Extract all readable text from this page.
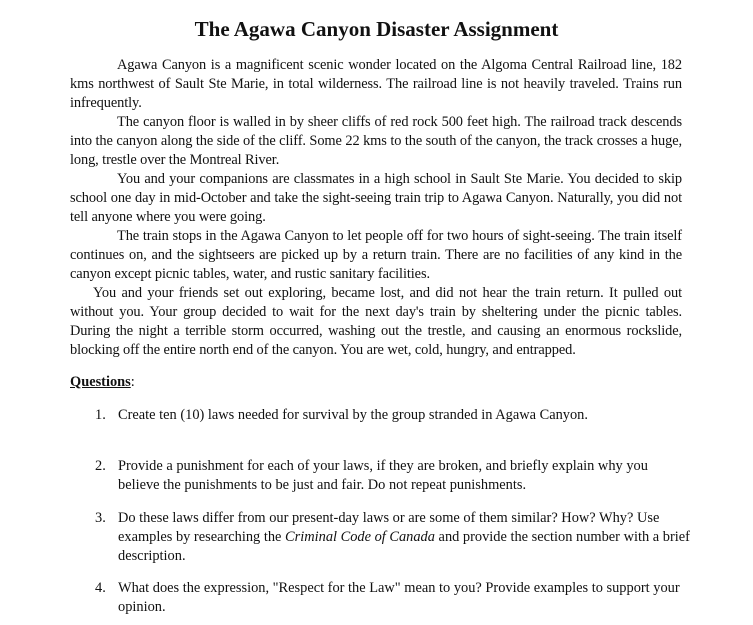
The Agawa Canyon Disaster Assignment

Agawa Canyon is a magnificent scenic wonder located on the Algoma Central Railroad line, 182 kms northwest of Sault Ste Marie, in total wilderness. The railroad line is not heavily traveled. Trains run infrequently.

The canyon floor is walled in by sheer cliffs of red rock 500 feet high. The railroad track descends into the canyon along the side of the cliff. Some 22 kms to the south of the canyon, the track crosses a huge, long, trestle over the Montreal River.

You and your companions are classmates in a high school in Sault Ste Marie. You decided to skip school one day in mid-October and take the sight-seeing train trip to Agawa Canyon. Naturally, you did not tell anyone where you were going.

The train stops in the Agawa Canyon to let people off for two hours of sight-seeing. The train itself continues on, and the sightseers are picked up by a return train. There are no facilities of any kind in the canyon except picnic tables, water, and rustic sanitary facilities.

You and your friends set out exploring, became lost, and did not hear the train return. It pulled out without you. Your group decided to wait for the next day's train by sheltering under the picnic tables. During the night a terrible storm occurred, washing out the trestle, and causing an enormous rockslide, blocking off the entire north end of the canyon. You are wet, cold, hungry, and entrapped.

Questions:
1. Create ten (10) laws needed for survival by the group stranded in Agawa Canyon.
2. Provide a punishment for each of your laws, if they are broken, and briefly explain why you believe the punishments to be just and fair. Do not repeat punishments.
3. Do these laws differ from our present-day laws or are some of them similar? How? Why? Use examples by researching the Criminal Code of Canada and provide the section number with a brief description.
4. What does the expression, "Respect for the Law" mean to you? Provide examples to support your opinion.
